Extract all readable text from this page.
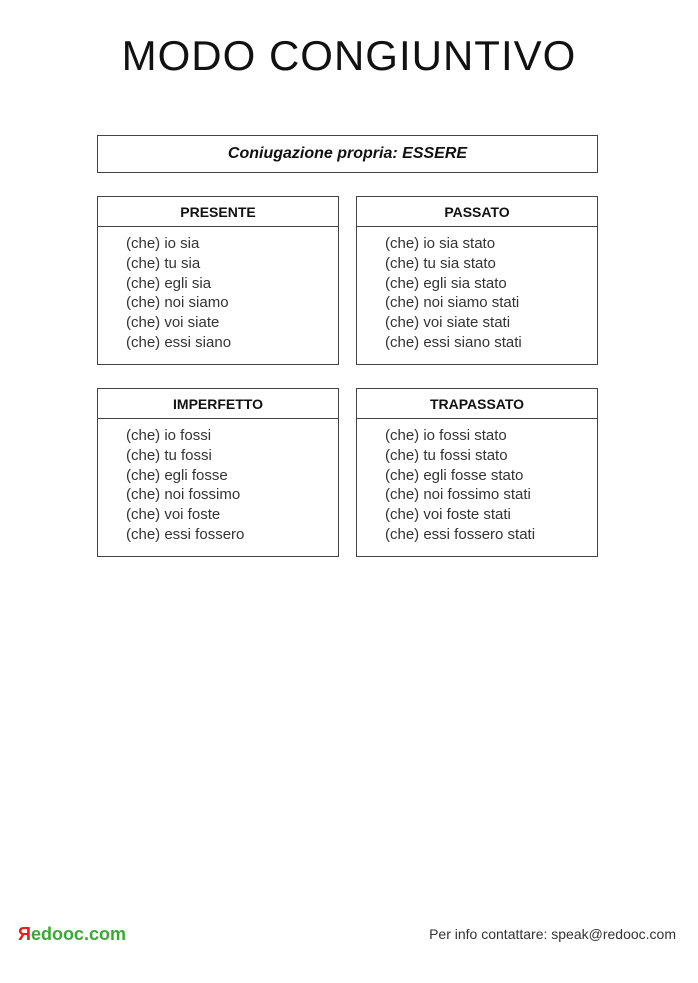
MODO CONGIUNTIVO
Coniugazione propria: ESSERE
PRESENTE
(che) io sia
(che) tu sia
(che) egli sia
(che) noi siamo
(che) voi siate
(che) essi siano
PASSATO
(che) io sia stato
(che) tu sia stato
(che) egli sia stato
(che) noi siamo stati
(che) voi siate stati
(che) essi siano stati
IMPERFETTO
(che) io fossi
(che) tu fossi
(che) egli fosse
(che) noi fossimo
(che) voi foste
(che) essi fossero
TRAPASSATO
(che) io fossi stato
(che) tu fossi stato
(che) egli fosse stato
(che) noi fossimo stati
(che) voi foste stati
(che) essi fossero stati
Яedooc.com	Per info contattare: speak@redooc.com
